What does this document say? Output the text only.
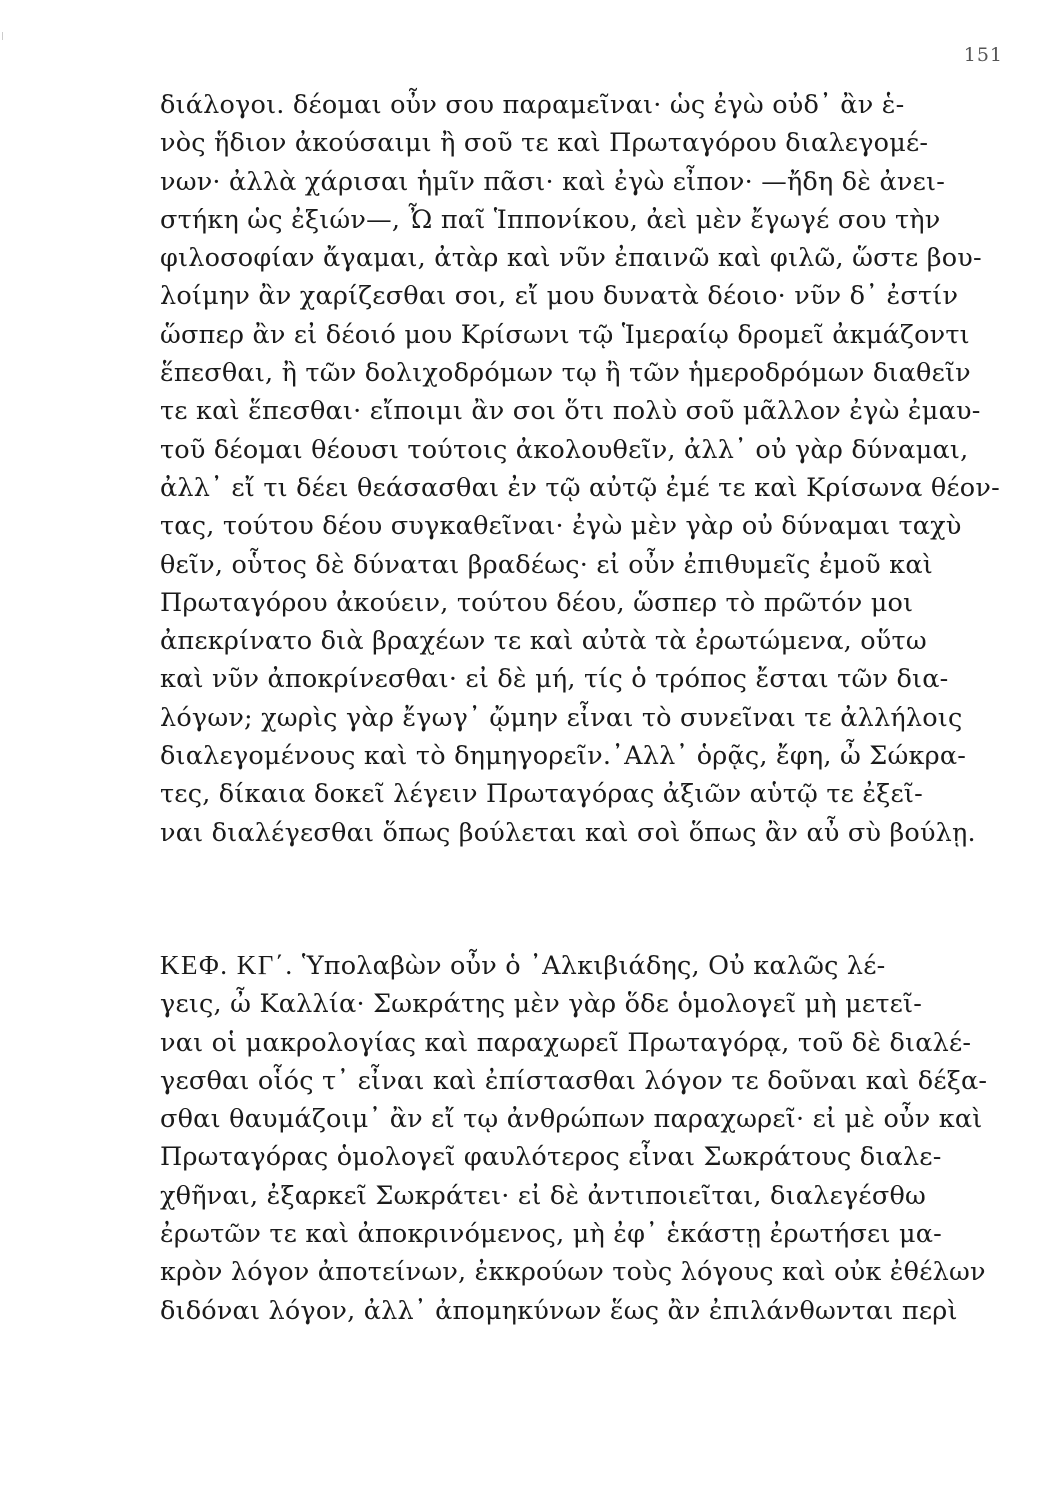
151
διάλογοι. δέομαι οὖν σου παραμεῖναι· ὡς ἐγὼ οὐδ᾽ ἂν ἑ-
νὸς ἥδιον ἀκούσαιμι ἢ σοῦ τε καὶ Πρωταγόρου διαλεγομέ-
νων· ἀλλὰ χάρισαι ἡμῖν πᾶσι· καὶ ἐγὼ εἶπον· —ἤδη δὲ ἀνει-
στήκη ὡς ἐξιών—, Ὦ παῖ Ἱππονίκου, ἀεὶ μὲν ἔγωγέ σου τὴν
φιλοσοφίαν ἄγαμαι, ἀτὰρ καὶ νῦν ἐπαινῶ καὶ φιλῶ, ὥστε βου-
λοίμην ἂν χαρίζεσθαι σοι, εἴ μου δυνατὰ δέοιο· νῦν δ᾽ ἐστίν
ὥσπερ ἂν εἰ δέοιό μου Κρίσωνι τῷ Ἱμεραίῳ δρομεῖ ἀκμάζοντι
ἕπεσθαι, ἢ τῶν δολιχοδρόμων τῳ ἢ τῶν ἡμεροδρόμων διαθεῖν
τε καὶ ἕπεσθαι· εἴποιμι ἂν σοι ὅτι πολὺ σοῦ μᾶλλον ἐγὼ ἐμαυ-
τοῦ δέομαι θέουσι τούτοις ἀκολουθεῖν, ἀλλ᾽ οὐ γὰρ δύναμαι,
ἀλλ᾽ εἴ τι δέει θεάσασθαι ἐν τῷ αὐτῷ ἐμέ τε καὶ Κρίσωνα θέον-
τας, τούτου δέου συγκαθεῖναι· ἐγὼ μὲν γὰρ οὐ δύναμαι ταχὺ
θεῖν, οὗτος δὲ δύναται βραδέως· εἰ οὖν ἐπιθυμεῖς ἐμοῦ καὶ
Πρωταγόρου ἀκούειν, τούτου δέου, ὥσπερ τὸ πρῶτόν μοι
ἀπεκρίνατο διὰ βραχέων τε καὶ αὐτὰ τὰ ἐρωτώμενα, οὕτω
καὶ νῦν ἀποκρίνεσθαι· εἰ δὲ μή, τίς ὁ τρόπος ἔσται τῶν δια-
λόγων; χωρὶς γὰρ ἔγωγ᾽ ᾤμην εἶναι τὸ συνεῖναι τε ἀλλήλοις
διαλεγομένους καὶ τὸ δημηγορεῖν.᾽Αλλ᾽ ὁρᾷς, ἔφη, ὦ Σώκρα-
τες, δίκαια δοκεῖ λέγειν Πρωταγόρας ἀξιῶν αὑτῷ τε ἐξεῖ-
ναι διαλέγεσθαι ὅπως βούλεται καὶ σοὶ ὅπως ἂν αὖ σὺ βούλῃ.
ΚΕΦ. ΚΓ΄. Ὑπολαβὼν οὖν ὁ ᾽Αλκιβιάδης, Οὐ καλῶς λέ-
γεις, ὦ Καλλία· Σωκράτης μὲν γὰρ ὅδε ὁμολογεῖ μὴ μετεῖ-
ναι οἱ μακρολογίας καὶ παραχωρεῖ Πρωταγόρᾳ, τοῦ δὲ διαλέ-
γεσθαι οἷός τ᾽ εἶναι καὶ ἐπίστασθαι λόγον τε δοῦναι καὶ δέξα-
σθαι θαυμάζοιμ᾽ ἂν εἴ τῳ ἀνθρώπων παραχωρεῖ· εἰ μὲ οὖν καὶ
Πρωταγόρας ὁμολογεῖ φαυλότερος εἶναι Σωκράτους διαλε-
χθῆναι, ἐξαρκεῖ Σωκράτει· εἰ δὲ ἀντιποιεῖται, διαλεγέσθω
ἐρωτῶν τε καὶ ἀποκρινόμενος, μὴ ἐφ᾽ ἑκάστῃ ἐρωτήσει μα-
κρὸν λόγον ἀποτείνων, ἐκκρούων τοὺς λόγους καὶ οὐκ ἐθέλων
διδόναι λόγον, ἀλλ᾽ ἀπομηκύνων ἕως ἂν ἐπιλάνθωνται περὶ
